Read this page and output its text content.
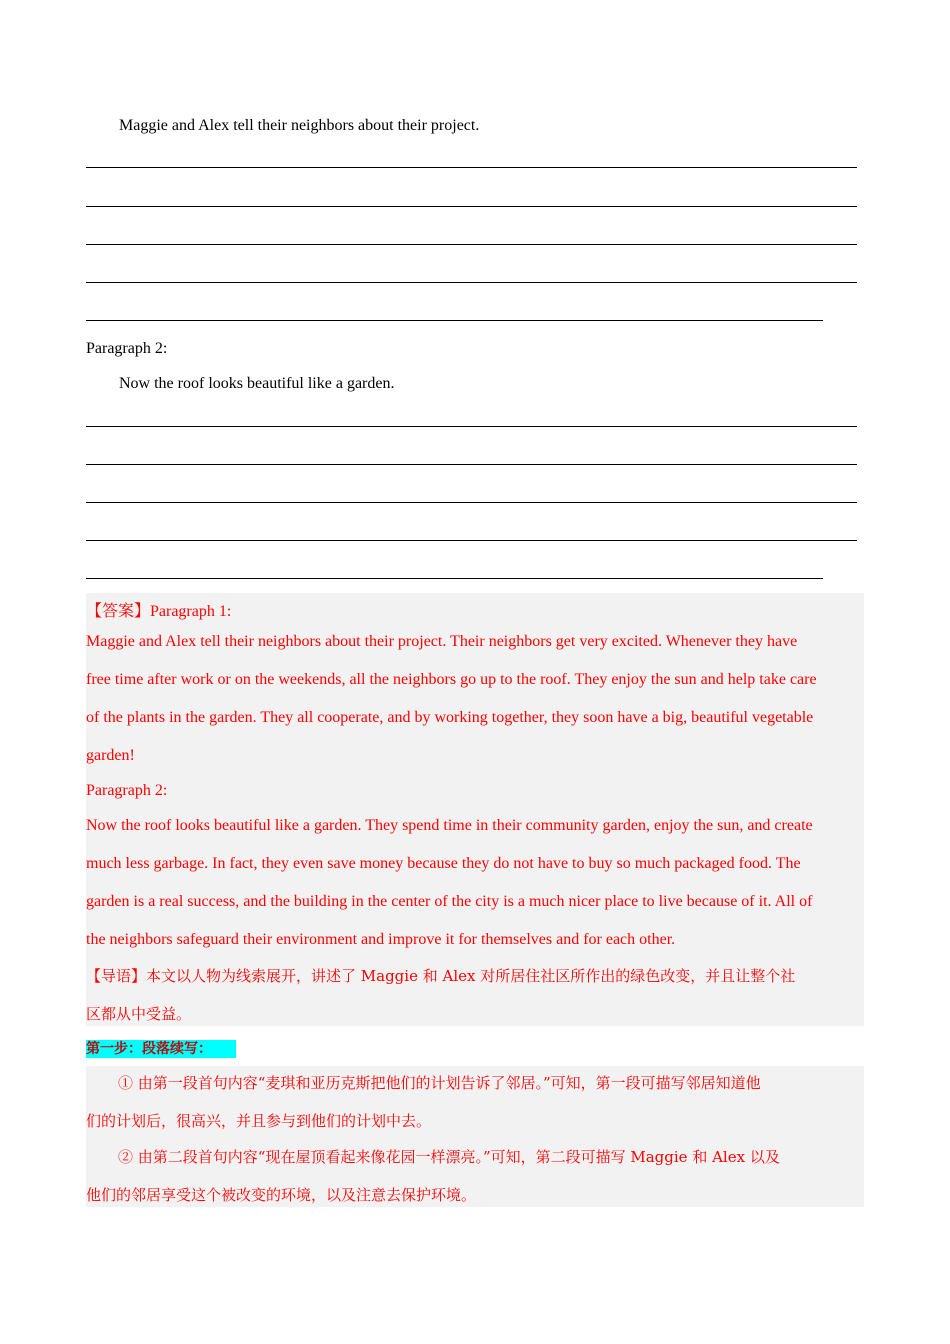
Maggie and Alex tell their neighbors about their project.
Paragraph 2:
Now the roof looks beautiful like a garden.
【答案】Paragraph 1:
Maggie and Alex tell their neighbors about their project. Their neighbors get very excited. Whenever they have
free time after work or on the weekends, all the neighbors go up to the roof. They enjoy the sun and help take care
of the plants in the garden. They all cooperate, and by working together, they soon have a big, beautiful vegetable
garden!
Paragraph 2:
Now the roof looks beautiful like a garden. They spend time in their community garden, enjoy the sun, and create
much less garbage. In fact, they even save money because they do not have to buy so much packaged food. The
garden is a real success, and the building in the center of the city is a much nicer place to live because of it. All of
the neighbors safeguard their environment and improve it for themselves and for each other.
【导语】本文以人物为线索展开，讲述了 Maggie 和 Alex 对所居住社区所作出的绿色改变，并且让整个社
区都从中受益。
第一步：段落续写：
① 由第一段首句内容“麦琪和亚历克斯把他们的计划告诉了邻居。”可知，第一段可描写邻居知道他
们的计划后，很高兴，并且参与到他们的计划中去。
② 由第二段首句内容“现在屋顶看起来像花园一样漂亮。”可知，第二段可描写 Maggie 和 Alex 以及
他们的邻居享受这个被改变的环境，以及注意去保护环境。
